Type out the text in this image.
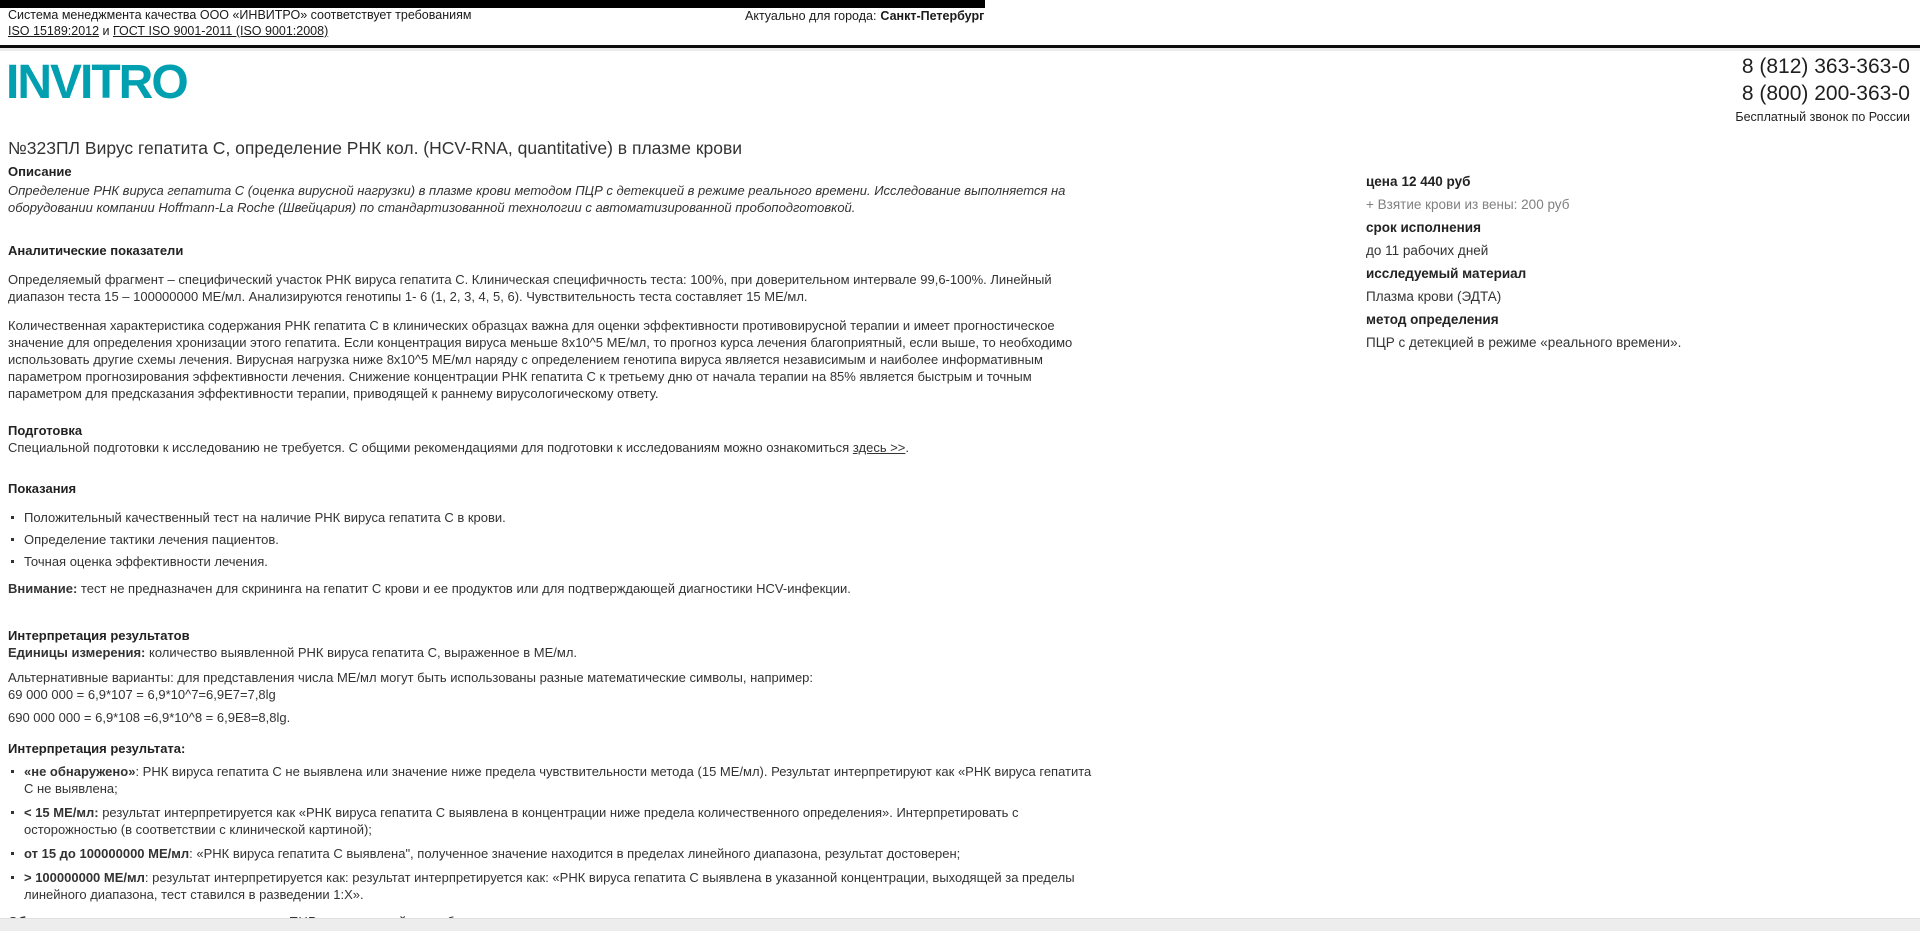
Система менеджмента качества ООО «ИНВИТРО» соответствует требованиям
ISO 15189:2012 и ГОСТ ISO 9001-2011 (ISO 9001:2008)
Актуально для города: Санкт-Петербург
INVITRO	8 (812) 363-363-0
8 (800) 200-363-0
Бесплатный звонок по России
№323ПЛ Вирус гепатита С, определение РНК кол. (HCV-RNA, quantitative) в плазме крови
Описание

Определение РНК вируса гепатита С (оценка вирусной нагрузки) в плазме крови методом ПЦР с детекцией в режиме реального времени. Исследование выполняется на оборудовании компании Hoffmann-La Roche (Швейцария) по стандартизованной технологии с автоматизированной пробоподготовкой.

Аналитические показатели

Определяемый фрагмент – специфический участок РНК вируса гепатита С. Клиническая специфичность теста: 100%, при доверительном интервале 99,6-100%. Линейный диапазон теста 15 – 100000000 МЕ/мл. Анализируются генотипы 1- 6 (1, 2, 3, 4, 5, 6). Чувствительность теста составляет 15 МЕ/мл.

Количественная характеристика содержания РНК гепатита С в клинических образцах важна для оценки эффективности противовирусной терапии и имеет прогностическое значение для определения хронизации этого гепатита. Если концентрация вируса меньше 8x10^5 МЕ/мл, то прогноз курса лечения благоприятный, если выше, то необходимо использовать другие схемы лечения. Вирусная нагрузка ниже 8x10^5 МЕ/мл наряду с определением генотипа вируса является независимым и наиболее информативным параметром прогнозирования эффективности лечения. Снижение концентрации РНК гепатита С к третьему дню от начала терапии на 85% является быстрым и точным параметром для предсказания эффективности терапии, приводящей к раннему вирусологическому ответу.

Подготовка

Специальной подготовки к исследованию не требуется. С общими рекомендациями для подготовки к исследованиям можно ознакомиться здесь >>.

Показания
Положительный качественный тест на наличие РНК вируса гепатита С в крови.
Определение тактики лечения пациентов.
Точная оценка эффективности лечения.

Внимание: тест не предназначен для скрининга на гепатит С крови и ее продуктов или для подтверждающей диагностики HCV-инфекции.

Интерпретация результатов

Единицы измерения: количество выявленной РНК вируса гепатита С, выраженное в МЕ/мл.

Альтернативные варианты: для представления числа МЕ/мл могут быть использованы разные математические символы, например:

69 000 000 = 6,9*107 = 6,9*10^7=6,9E7=7,8lg

690 000 000 = 6,9*108 =6,9*10^8 = 6,9E8=8,8lg.

Интерпретация результата:
«не обнаружено»: РНК вируса гепатита С не выявлена или значение ниже предела чувствительности метода (15 МЕ/мл). Результат интерпретируют как «РНК вируса гепатита С не выявлена;
< 15 МЕ/мл: результат интерпретируется как «РНК вируса гепатита С выявлена в концентрации ниже предела количественного определения». Интерпретировать с осторожностью (в соответствии с клинической картиной);
от 15 до 100000000 МЕ/мл: «РНК вируса гепатита С выявлена", полученное значение находится в пределах линейного диапазона, результат достоверен;
> 100000000 МЕ/мл: результат интерпретируется как: результат интерпретируется как: «РНК вируса гепатита С выявлена в указанной концентрации, выходящей за пределы линейного диапазона, тест ставился в разведении 1:Х».

цена 12 440 руб
+ Взятие крови из вены: 200 руб
срок исполнения
до 11 рабочих дней
исследуемый материал
Плазма крови (ЭДТА)
метод определения
ПЦР с детекцией в режиме «реального времени».
